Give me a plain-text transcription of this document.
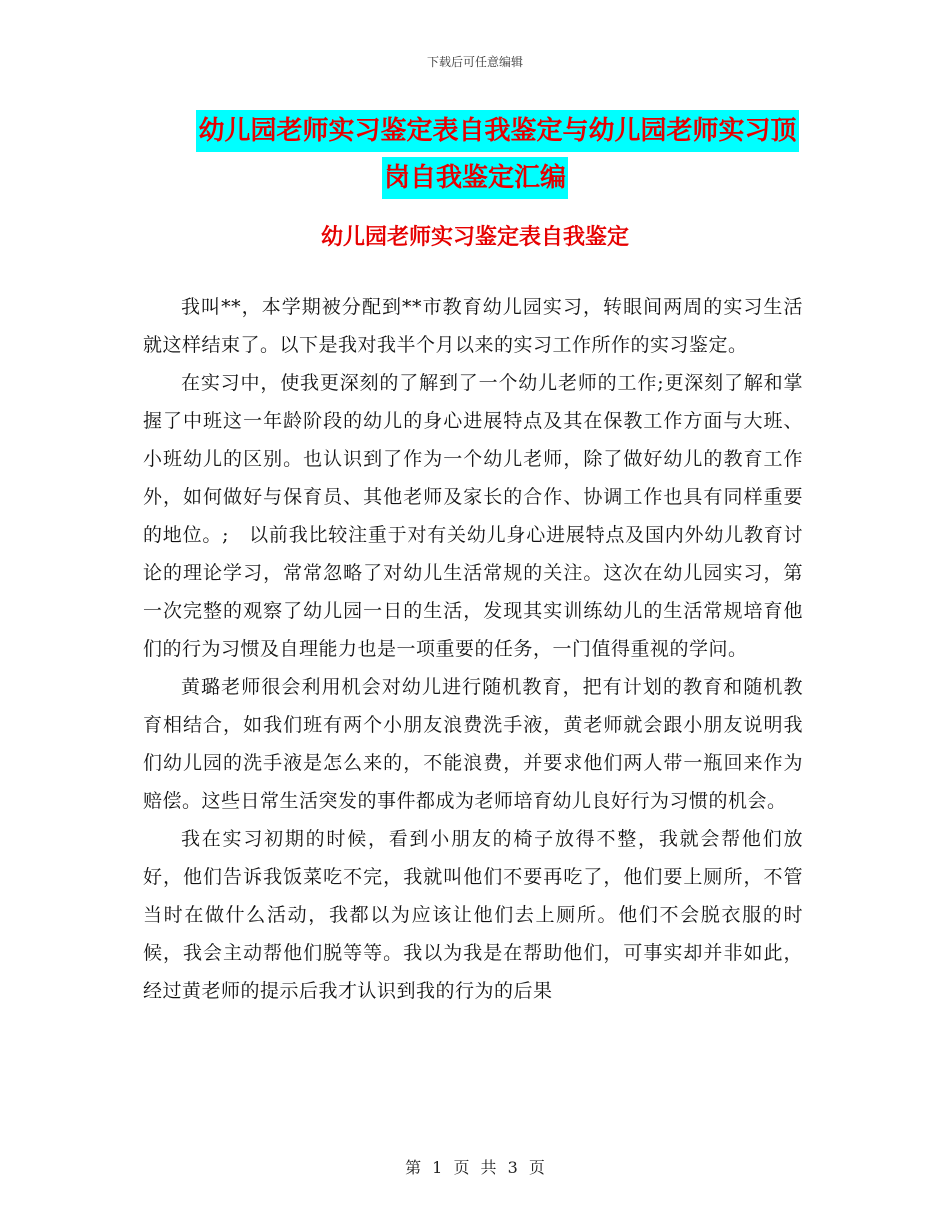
下载后可任意编辑
幼儿园老师实习鉴定表自我鉴定与幼儿园老师实习顶
岗自我鉴定汇编
幼儿园老师实习鉴定表自我鉴定

我叫**，本学期被分配到**市教育幼儿园实习，转眼间两周的实习生活就这样结束了。以下是我对我半个月以来的实习工作所作的实习鉴定。

在实习中，使我更深刻的了解到了一个幼儿老师的工作;更深刻了解和掌握了中班这一年龄阶段的幼儿的身心进展特点及其在保教工作方面与大班、小班幼儿的区别。也认识到了作为一个幼儿老师，除了做好幼儿的教育工作外，如何做好与保育员、其他老师及家长的合作、协调工作也具有同样重要的地位。;　以前我比较注重于对有关幼儿身心进展特点及国内外幼儿教育讨论的理论学习，常常忽略了对幼儿生活常规的关注。这次在幼儿园实习，第一次完整的观察了幼儿园一日的生活，发现其实训练幼儿的生活常规培育他们的行为习惯及自理能力也是一项重要的任务，一门值得重视的学问。

黄璐老师很会利用机会对幼儿进行随机教育，把有计划的教育和随机教育相结合，如我们班有两个小朋友浪费洗手液，黄老师就会跟小朋友说明我们幼儿园的洗手液是怎么来的，不能浪费，并要求他们两人带一瓶回来作为赔偿。这些日常生活突发的事件都成为老师培育幼儿良好行为习惯的机会。

我在实习初期的时候，看到小朋友的椅子放得不整，我就会帮他们放好，他们告诉我饭菜吃不完，我就叫他们不要再吃了，他们要上厕所，不管当时在做什么活动，我都以为应该让他们去上厕所。他们不会脱衣服的时候，我会主动帮他们脱等等。我以为我是在帮助他们，可事实却并非如此，经过黄老师的提示后我才认识到我的行为的后果

第 1 页 共 3 页
